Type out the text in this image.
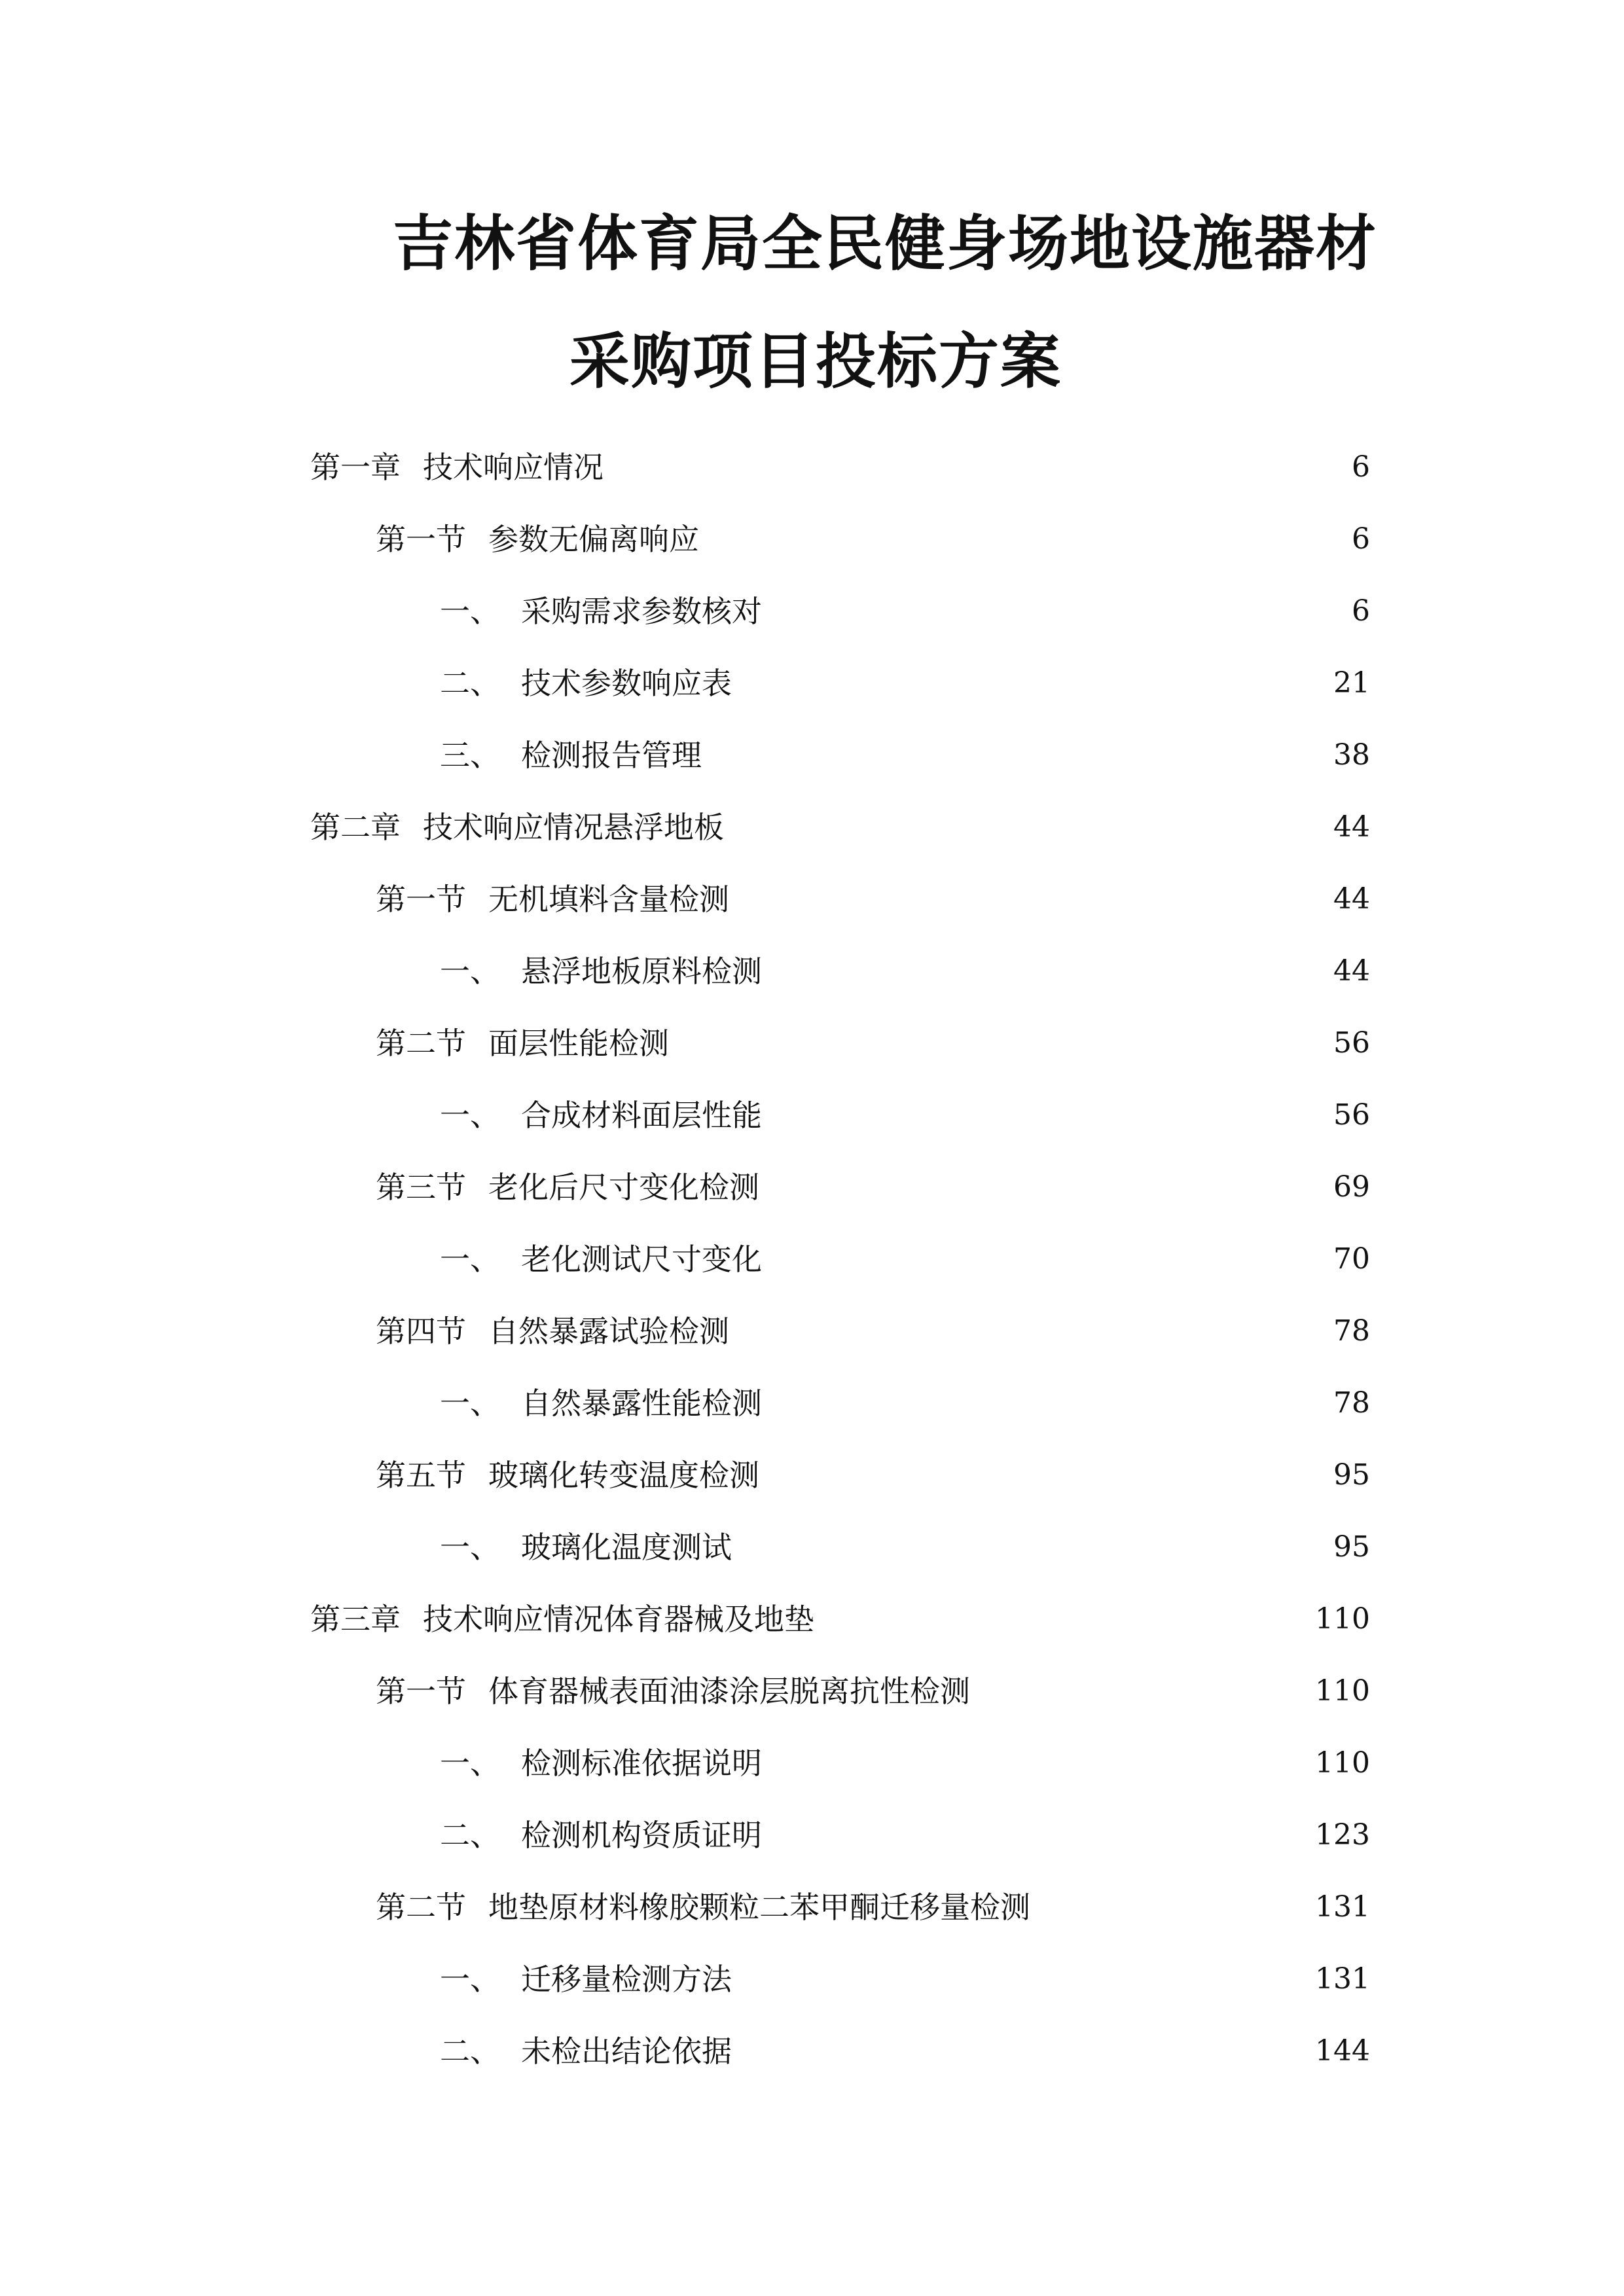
吉林省体育局全民健身场地设施器材
采购项目投标方案
第一章 技术响应情况	6
第一节 参数无偏离响应	6
一、 采购需求参数核对	6
二、 技术参数响应表	21
三、 检测报告管理	38
第二章 技术响应情况悬浮地板	44
第一节 无机填料含量检测	44
一、 悬浮地板原料检测	44
第二节 面层性能检测	56
一、 合成材料面层性能	56
第三节 老化后尺寸变化检测	69
一、 老化测试尺寸变化	70
第四节 自然暴露试验检测	78
一、 自然暴露性能检测	78
第五节 玻璃化转变温度检测	95
一、 玻璃化温度测试	95
第三章 技术响应情况体育器械及地垫	110
第一节 体育器械表面油漆涂层脱离抗性检测	110
一、 检测标准依据说明	110
二、 检测机构资质证明	123
第二节 地垫原材料橡胶颗粒二苯甲酮迁移量检测	131
一、 迁移量检测方法	131
二、 未检出结论依据	144
